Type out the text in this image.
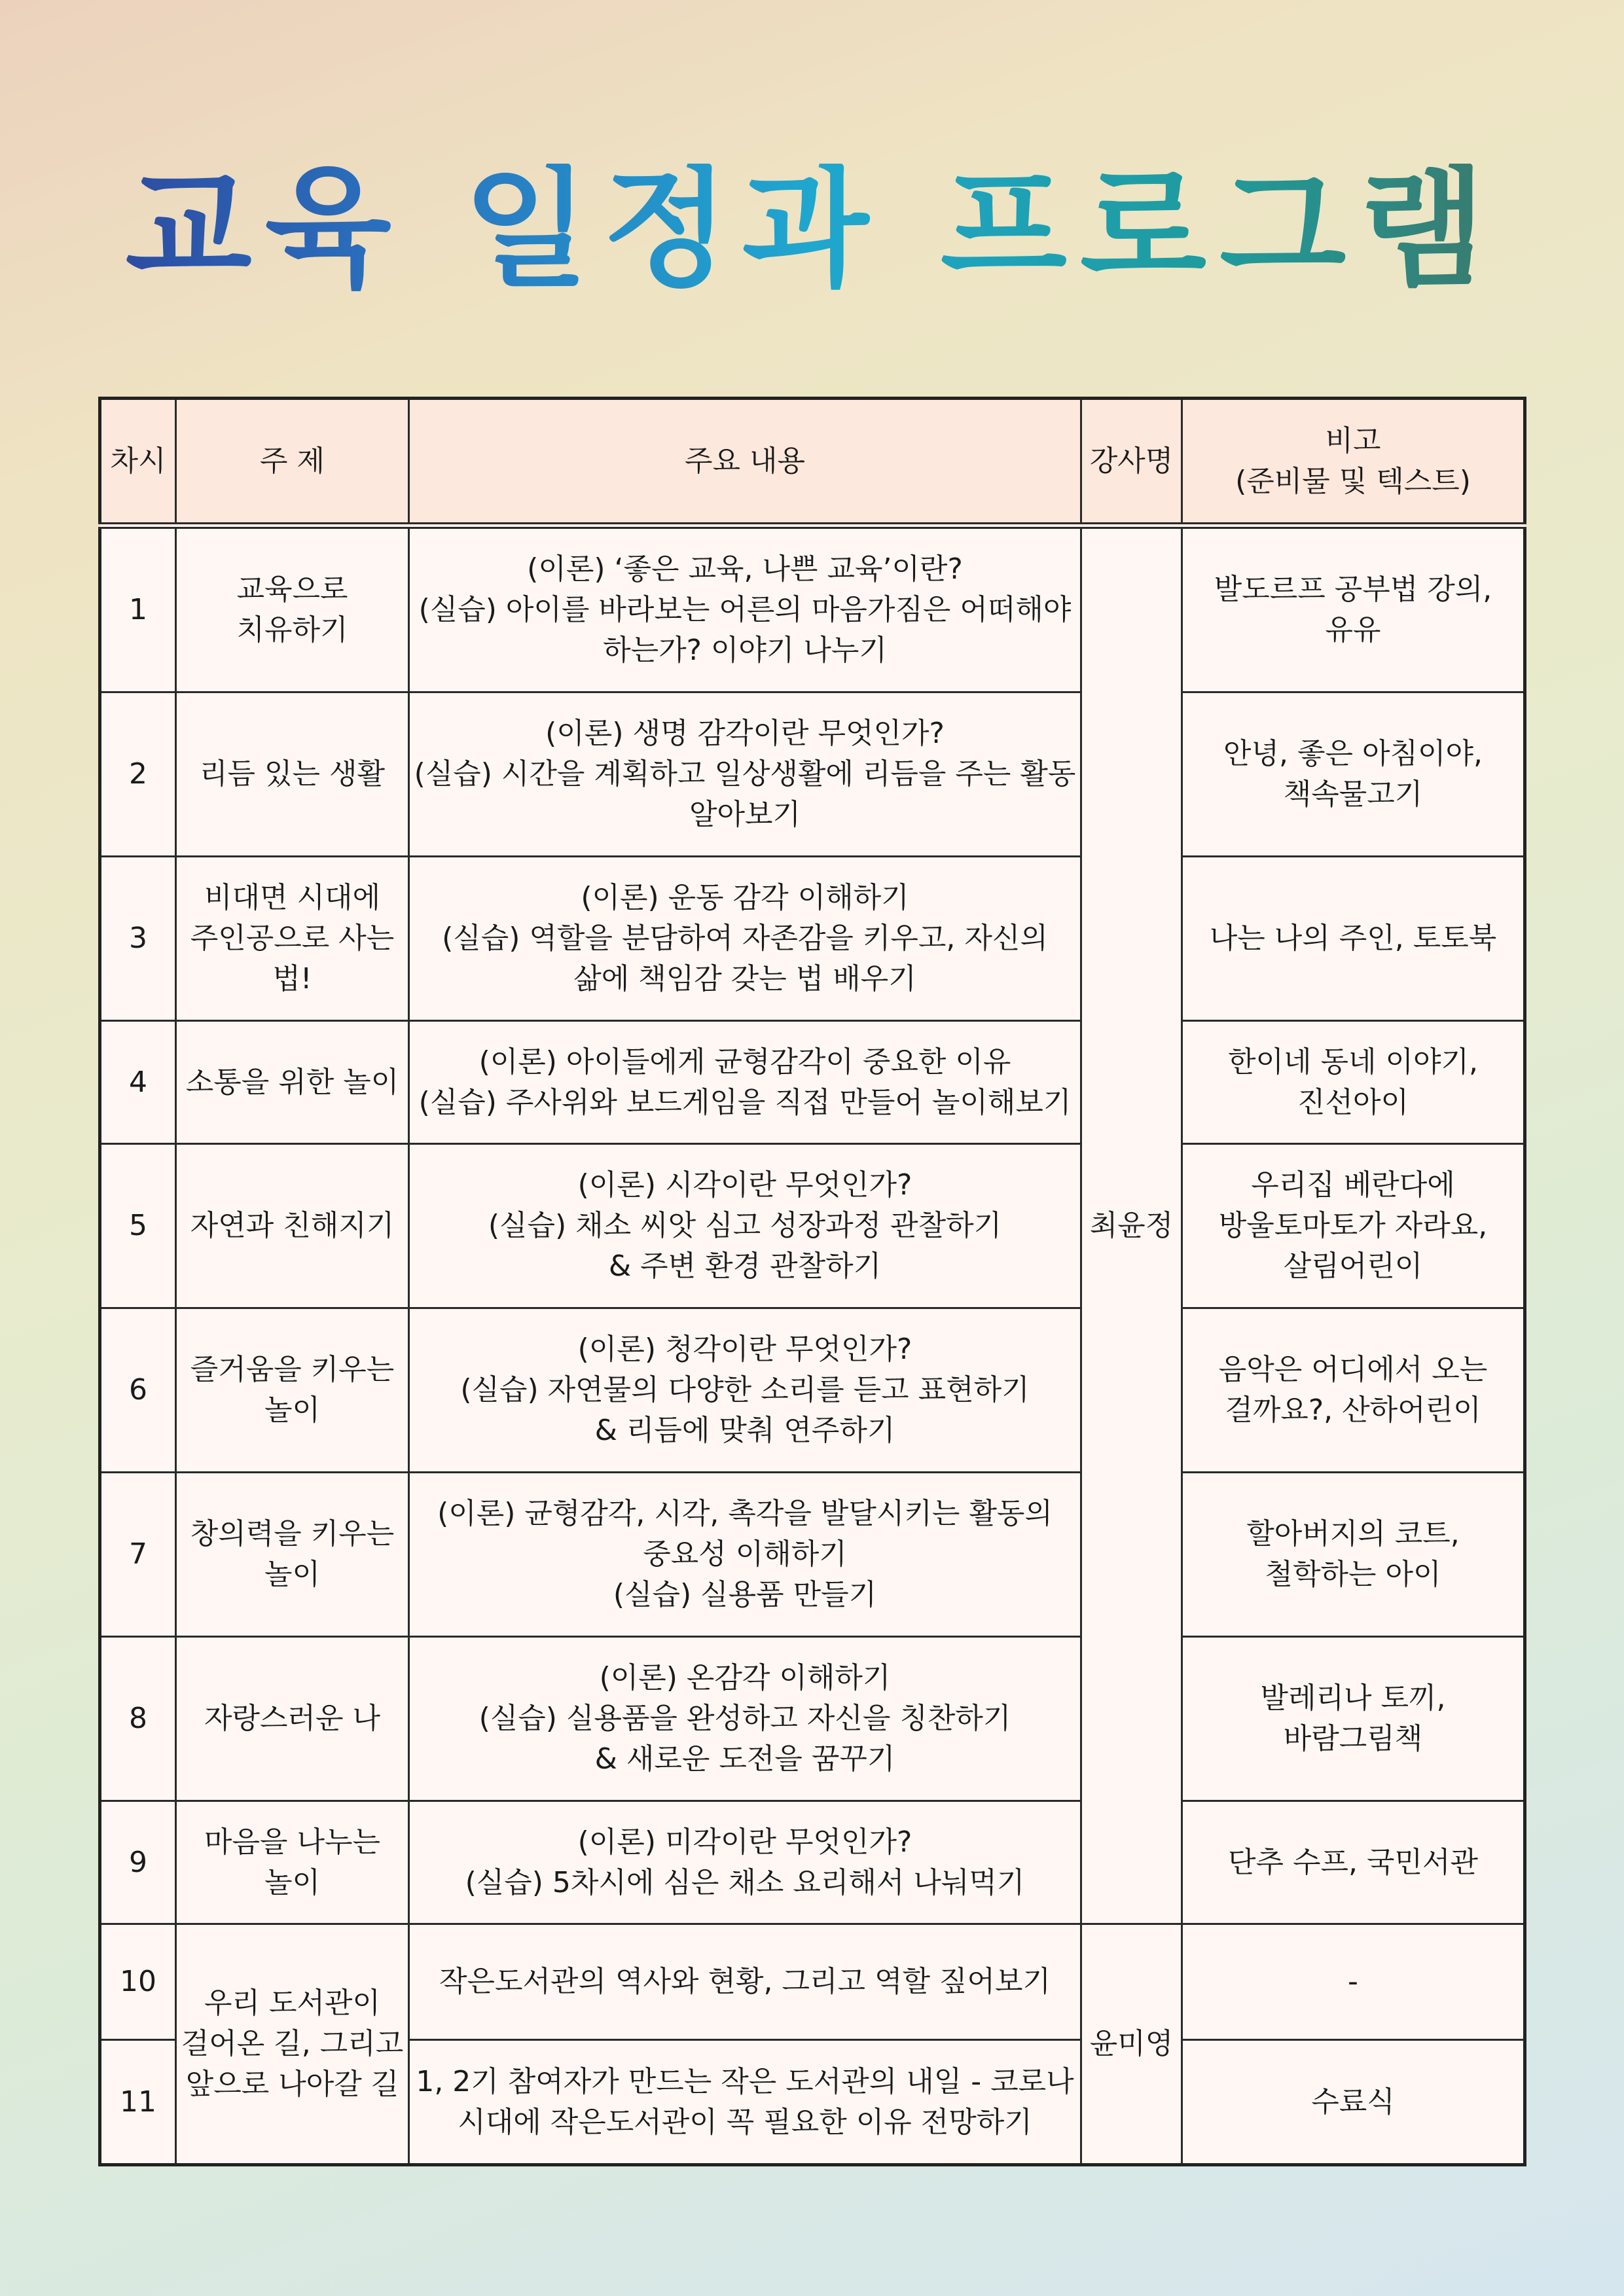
교육 일정과 프로그램
차시	주 제	주요 내용	강사명	비고
(준비물 및 텍스트)
1	교육으로
치유하기	(이론) ‘좋은 교육, 나쁜 교육’이란?
(실습) 아이를 바라보는 어른의 마음가짐은 어떠해야
하는가? 이야기 나누기	최윤정	발도르프 공부법 강의,
유유
2	리듬 있는 생활	(이론) 생명 감각이란 무엇인가?
(실습) 시간을 계획하고 일상생활에 리듬을 주는 활동
알아보기		안녕, 좋은 아침이야,
책속물고기
3	비대면 시대에
주인공으로 사는
법!	(이론) 운동 감각 이해하기
(실습) 역할을 분담하여 자존감을 키우고, 자신의
삶에 책임감 갖는 법 배우기		나는 나의 주인, 토토북
4	소통을 위한 놀이	(이론) 아이들에게 균형감각이 중요한 이유
(실습) 주사위와 보드게임을 직접 만들어 놀이해보기		한이네 동네 이야기,
진선아이
5	자연과 친해지기	(이론) 시각이란 무엇인가?
(실습) 채소 씨앗 심고 성장과정 관찰하기
& 주변 환경 관찰하기		우리집 베란다에
방울토마토가 자라요,
살림어린이
6	즐거움을 키우는
놀이	(이론) 청각이란 무엇인가?
(실습) 자연물의 다양한 소리를 듣고 표현하기
& 리듬에 맞춰 연주하기		음악은 어디에서 오는
걸까요?, 산하어린이
7	창의력을 키우는
놀이	(이론) 균형감각, 시각, 촉각을 발달시키는 활동의
중요성 이해하기
(실습) 실용품 만들기		할아버지의 코트,
철학하는 아이
8	자랑스러운 나	(이론) 온감각 이해하기
(실습) 실용품을 완성하고 자신을 칭찬하기
& 새로운 도전을 꿈꾸기		발레리나 토끼,
바람그림책
9	마음을 나누는
놀이	(이론) 미각이란 무엇인가?
(실습) 5차시에 심은 채소 요리해서 나눠먹기		단추 수프, 국민서관
10	우리 도서관이
걸어온 길, 그리고
앞으로 나아갈 길	작은도서관의 역사와 현황, 그리고 역할 짚어보기	윤미영	-
11		1, 2기 참여자가 만드는 작은 도서관의 내일 - 코로나
시대에 작은도서관이 꼭 필요한 이유 전망하기		수료식
